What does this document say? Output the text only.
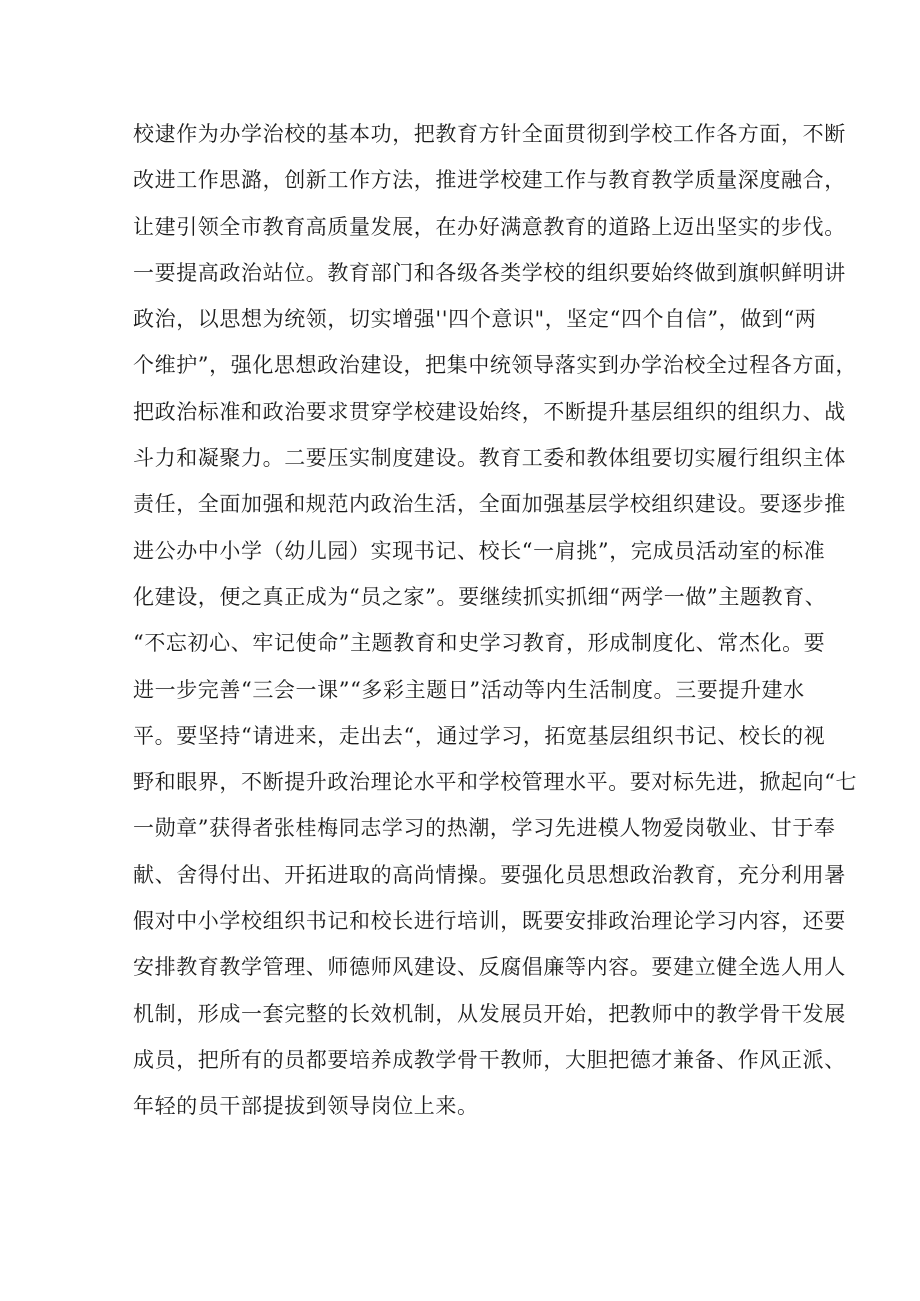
校逮作为办学治校的基本功，把教育方针全面贯彻到学校工作各方面，不断
改进工作思潞，创新工作方法，推进学校建工作与教育教学质量深度融合，
让建引领全市教育高质量发展，在办好满意教育的道路上迈出坚实的步伐。
一要提高政治站位。教育部门和各级各类学校的组织要始终做到旗帜鲜明讲
政治，以思想为统领，切实增强''四个意识"，坚定“四个自信”，做到“两
个维护”，强化思想政治建设，把集中统领导落实到办学治校全过程各方面，
把政治标准和政治要求贯穿学校建设始终，不断提升基层组织的组织力、战
斗力和凝聚力。二要压实制度建设。教育工委和教体组要切实履行组织主体
责任，全面加强和规范内政治生活，全面加强基层学校组织建设。要逐步推
进公办中小学（幼儿园）实现书记、校长“一肩挑”，完成员活动室的标准
化建设，便之真正成为“员之家”。要继续抓实抓细“两学一做”主题教育、
“不忘初心、牢记使命”主题教育和史学习教育，形成制度化、常杰化。要
进一步完善“三会一课”“多彩主题日”活动等内生活制度。三要提升建水
平。要坚持“请进来，走出去“，通过学习，拓宽基层组织书记、校长的视
野和眼界，不断提升政治理论水平和学校管理水平。要对标先进，掀起向“七
一勋章”获得者张桂梅同志学习的热潮，学习先进模人物爱岗敬业、甘于奉
献、舍得付出、开拓进取的高尚情操。要强化员思想政治教育，充分利用暑
假对中小学校组织书记和校长进行培训，既要安排政治理论学习内容，还要
安排教育教学管理、师德师风建设、反腐倡廉等内容。要建立健全选人用人
机制，形成一套完整的长效机制，从发展员开始，把教师中的教学骨干发展
成员，把所有的员都要培养成教学骨干教师，大胆把德才兼备、作风正派、
年轻的员干部提拔到领导岗位上来。
